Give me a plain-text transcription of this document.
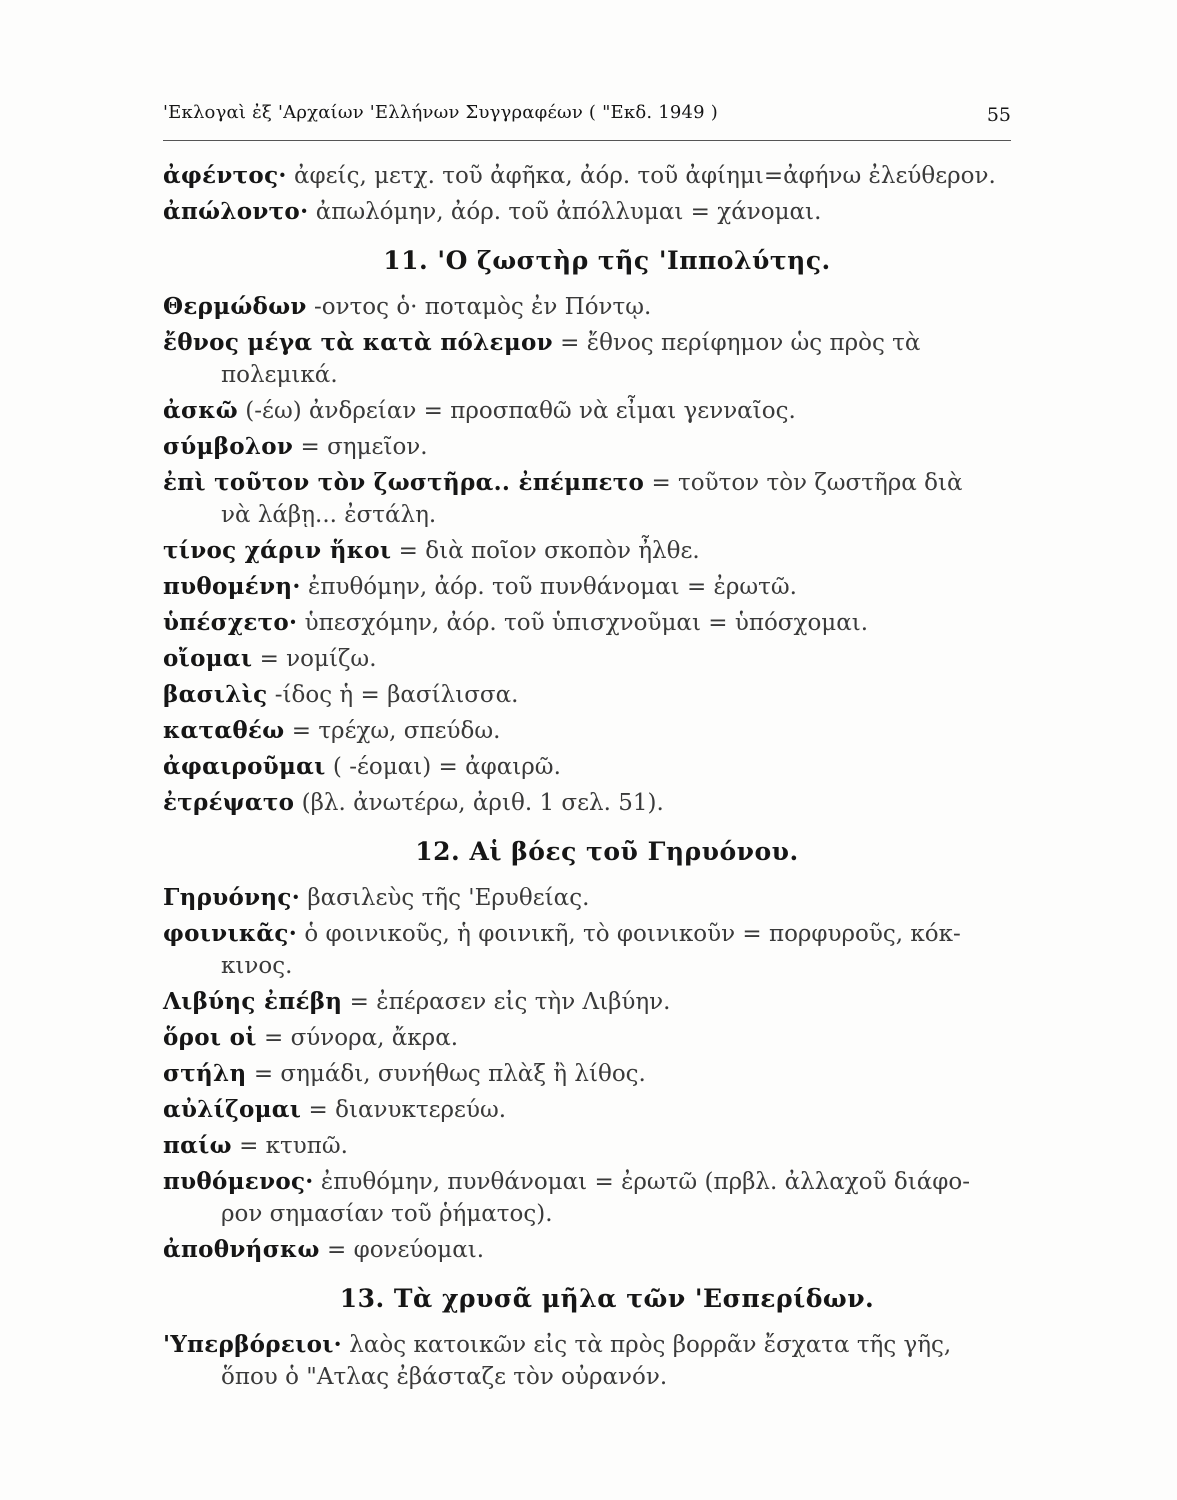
'Εκλογαὶ ἐξ 'Αρχαίων 'Ελλήνων Συγγραφέων ( "Εκδ. 1949 )	55
ἀφέντος· ἀφείς, μετχ. τοῦ ἀφῆκα, ἀόρ. τοῦ ἀφίημι=ἀφήνω ἐλεύθερον.
ἀπώλοντο· ἀπωλόμην, ἀόρ. τοῦ ἀπόλλυμαι = χάνομαι.
11. 'Ο ζωστὴρ τῆς 'Ιππολύτης.
Θερμώδων -οντος ὁ· ποταμὸς ἐν Πόντῳ.
ἔθνος μέγα τὰ κατὰ πόλεμον = ἔθνος περίφημον ὡς πρὸς τὰ
πολεμικά.
ἀσκῶ (-έω) ἀνδρείαν = προσπαθῶ νὰ εἶμαι γενναῖος.
σύμβολον = σημεῖον.
ἐπὶ τοῦτον τὸν ζωστῆρα.. ἐπέμπετο = τοῦτον τὸν ζωστῆρα διὰ
νὰ λάβῃ... ἐστάλη.
τίνος χάριν ἥκοι = διὰ ποῖον σκοπὸν ἦλθε.
πυθομένη· ἐπυθόμην, ἀόρ. τοῦ πυνθάνομαι = ἐρωτῶ.
ὑπέσχετο· ὑπεσχόμην, ἀόρ. τοῦ ὑπισχνοῦμαι = ὑπόσχομαι.
οἴομαι = νομίζω.
βασιλὶς -ίδος ἡ = βασίλισσα.
καταθέω = τρέχω, σπεύδω.
ἀφαιροῦμαι ( -έομαι) = ἀφαιρῶ.
ἐτρέψατο (βλ. ἀνωτέρω, ἀριθ. 1 σελ. 51).
12. Αἱ βόες τοῦ Γηρυόνου.
Γηρυόνης· βασιλεὺς τῆς 'Ερυθείας.
φοινικᾶς· ὁ φοινικοῦς, ἡ φοινικῆ, τὸ φοινικοῦν = πορφυροῦς, κόκ-
κινος.
Λιβύης ἐπέβη = ἐπέρασεν εἰς τὴν Λιβύην.
ὅροι οἱ = σύνορα, ἄκρα.
στήλη = σημάδι, συνήθως πλὰξ ἢ λίθος.
αὐλίζομαι = διανυκτερεύω.
παίω = κτυπῶ.
πυθόμενος· ἐπυθόμην, πυνθάνομαι = ἐρωτῶ (πρβλ. ἀλλαχοῦ διάφο-
ρον σημασίαν τοῦ ῥήματος).
ἀποθνήσκω = φονεύομαι.
13. Τὰ χρυσᾶ μῆλα τῶν 'Εσπερίδων.
'Υπερβόρειοι· λαὸς κατοικῶν εἰς τὰ πρὸς βορρᾶν ἔσχατα τῆς γῆς,
ὅπου ὁ "Ατλας ἐβάσταζε τὸν οὐρανόν.
